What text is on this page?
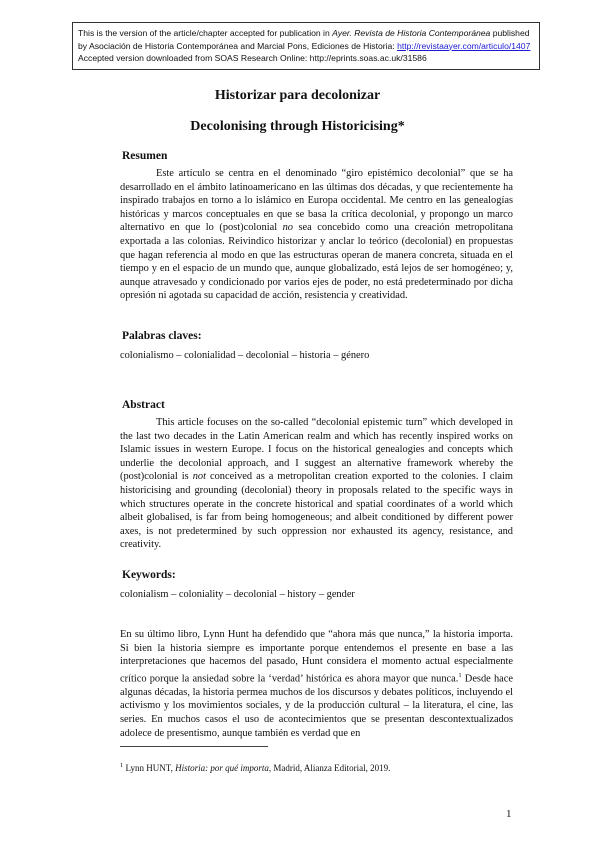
This is the version of the article/chapter accepted for publication in Ayer. Revista de Historia Contemporánea published by Asociación de Historia Contemporánea and Marcial Pons, Ediciones de Historia: http://revistaayer.com/articulo/1407
Accepted version downloaded from SOAS Research Online: http://eprints.soas.ac.uk/31586
Historizar para decolonizar
Decolonising through Historicising*
Resumen
Este artículo se centra en el denominado “giro epistémico decolonial” que se ha desarrollado en el ámbito latinoamericano en las últimas dos décadas, y que recientemente ha inspirado trabajos en torno a lo islámico en Europa occidental. Me centro en las genealogías históricas y marcos conceptuales en que se basa la crítica decolonial, y propongo un marco alternativo en que lo (post)colonial no sea concebido como una creación metropolitana exportada a las colonias. Reivindico historizar y anclar lo teórico (decolonial) en propuestas que hagan referencia al modo en que las estructuras operan de manera concreta, situada en el tiempo y en el espacio de un mundo que, aunque globalizado, está lejos de ser homogéneo; y, aunque atravesado y condicionado por varios ejes de poder, no está predeterminado por dicha opresión ni agotada su capacidad de acción, resistencia y creatividad.
Palabras claves:
colonialismo – colonialidad – decolonial – historia – género
Abstract
This article focuses on the so-called “decolonial epistemic turn” which developed in the last two decades in the Latin American realm and which has recently inspired works on Islamic issues in western Europe. I focus on the historical genealogies and concepts which underlie the decolonial approach, and I suggest an alternative framework whereby the (post)colonial is not conceived as a metropolitan creation exported to the colonies. I claim historicising and grounding (decolonial) theory in proposals related to the specific ways in which structures operate in the concrete historical and spatial coordinates of a world which albeit globalised, is far from being homogeneous; and albeit conditioned by different power axes, is not predetermined by such oppression nor exhausted its agency, resistance, and creativity.
Keywords:
colonialism – coloniality – decolonial – history – gender
En su último libro, Lynn Hunt ha defendido que “ahora más que nunca,” la historia importa. Si bien la historia siempre es importante porque entendemos el presente en base a las interpretaciones que hacemos del pasado, Hunt considera el momento actual especialmente crítico porque la ansiedad sobre la ‘verdad’ histórica es ahora mayor que nunca.$^1$ Desde hace algunas décadas, la historia permea muchos de los discursos y debates políticos, incluyendo el activismo y los movimientos sociales, y de la producción cultural – la literatura, el cine, las series. En muchos casos el uso de acontecimientos que se presentan descontextualizados adolece de presentismo, aunque también es verdad que en
$^1$ Lynn HUNT, Historia: por qué importa, Madrid, Alianza Editorial, 2019.
1
